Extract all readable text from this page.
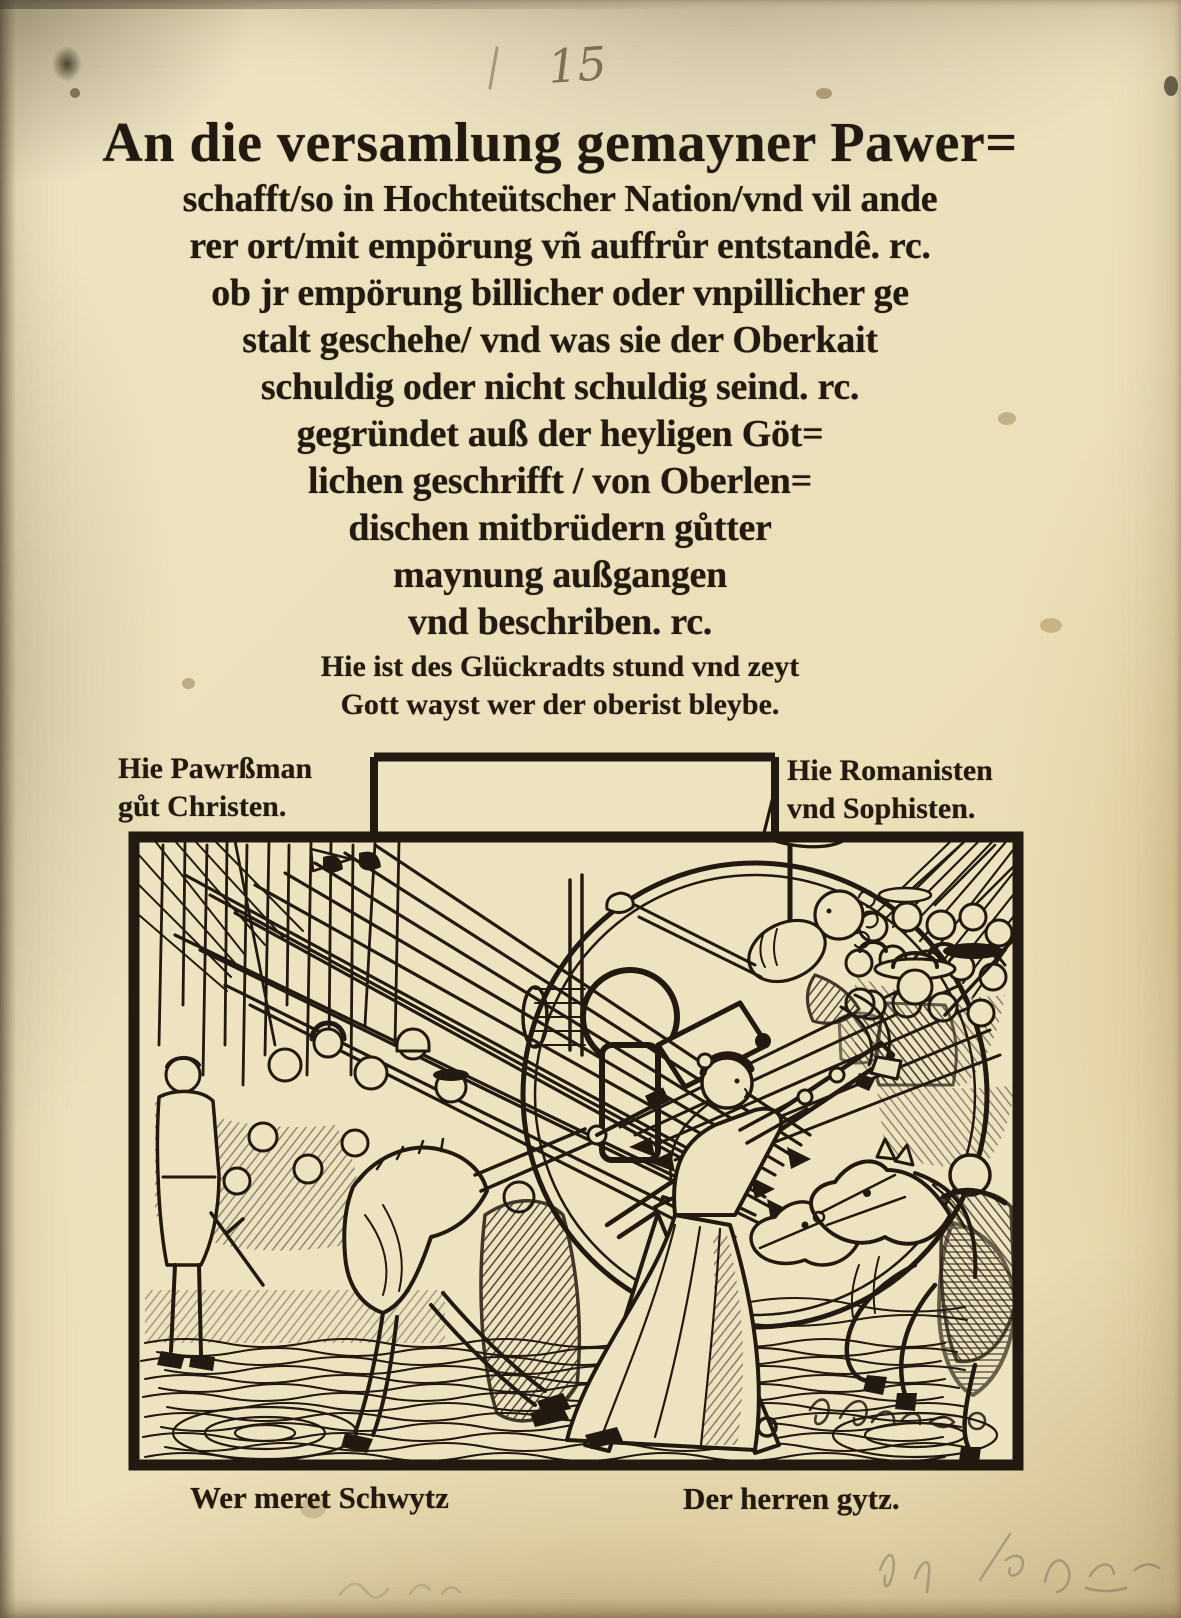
15
An die versamlung gemayner Pawer=
schafft/so in Hochteütscher Nation/vnd vil ande
rer ort/mit empörung vñ auffrůr entstandê. rc.
ob jr empörung billicher oder vnpillicher ge
stalt geschehe/ vnd was sie der Oberkait
schuldig oder nicht schuldig seind. rc.
gegründet auß der heyligen Göt=
lichen geschrifft / von Oberlen=
dischen mitbrüdern gůtter
maynung außgangen
vnd beschriben. rc.
Hie ist des Glückradts stund vnd zeyt
Gott wayst wer der oberist bleybe.
Hie Pawrßman
gůt Christen.
Hie Romanisten
vnd Sophisten.
Wer meret Schwytz	Der herren gytz.
